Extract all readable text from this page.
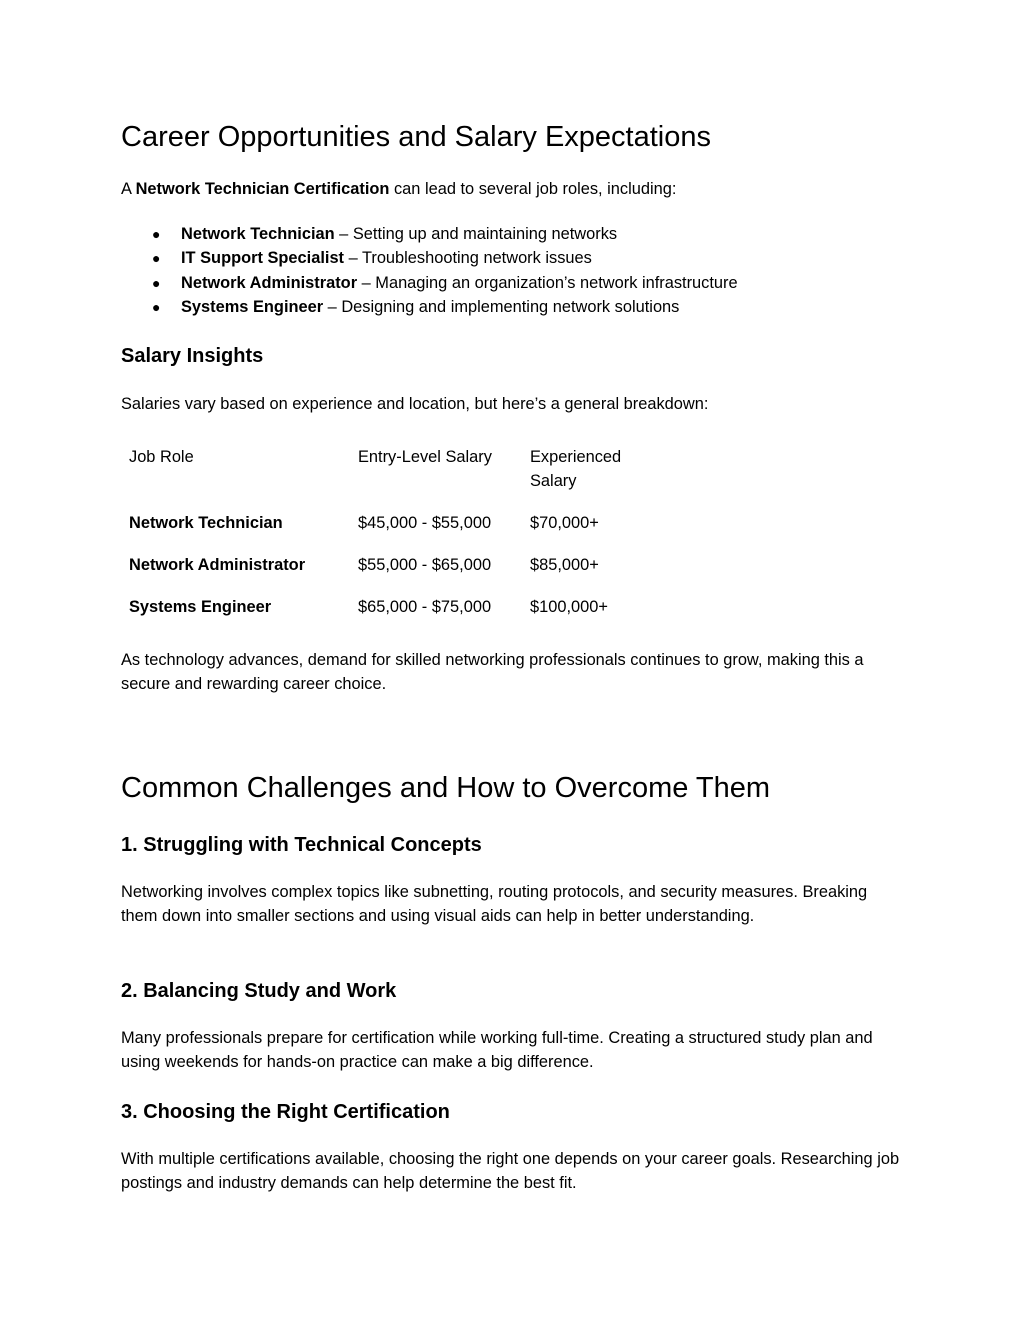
Career Opportunities and Salary Expectations

A Network Technician Certification can lead to several job roles, including:

● Network Technician – Setting up and maintaining networks
● IT Support Specialist – Troubleshooting network issues
● Network Administrator – Managing an organization’s network infrastructure
● Systems Engineer – Designing and implementing network solutions
Salary Insights

Salaries vary based on experience and location, but here’s a general breakdown:

Job Role	Entry-Level Salary	Experienced Salary
Network Technician	$45,000 - $55,000	$70,000+
Network Administrator	$55,000 - $65,000	$85,000+
Systems Engineer	$65,000 - $75,000	$100,000+

As technology advances, demand for skilled networking professionals continues to grow, making this a secure and rewarding career choice.

Common Challenges and How to Overcome Them
1. Struggling with Technical Concepts

Networking involves complex topics like subnetting, routing protocols, and security measures. Breaking them down into smaller sections and using visual aids can help in better understanding.

2. Balancing Study and Work

Many professionals prepare for certification while working full-time. Creating a structured study plan and using weekends for hands-on practice can make a big difference.

3. Choosing the Right Certification

With multiple certifications available, choosing the right one depends on your career goals. Researching job postings and industry demands can help determine the best fit.
